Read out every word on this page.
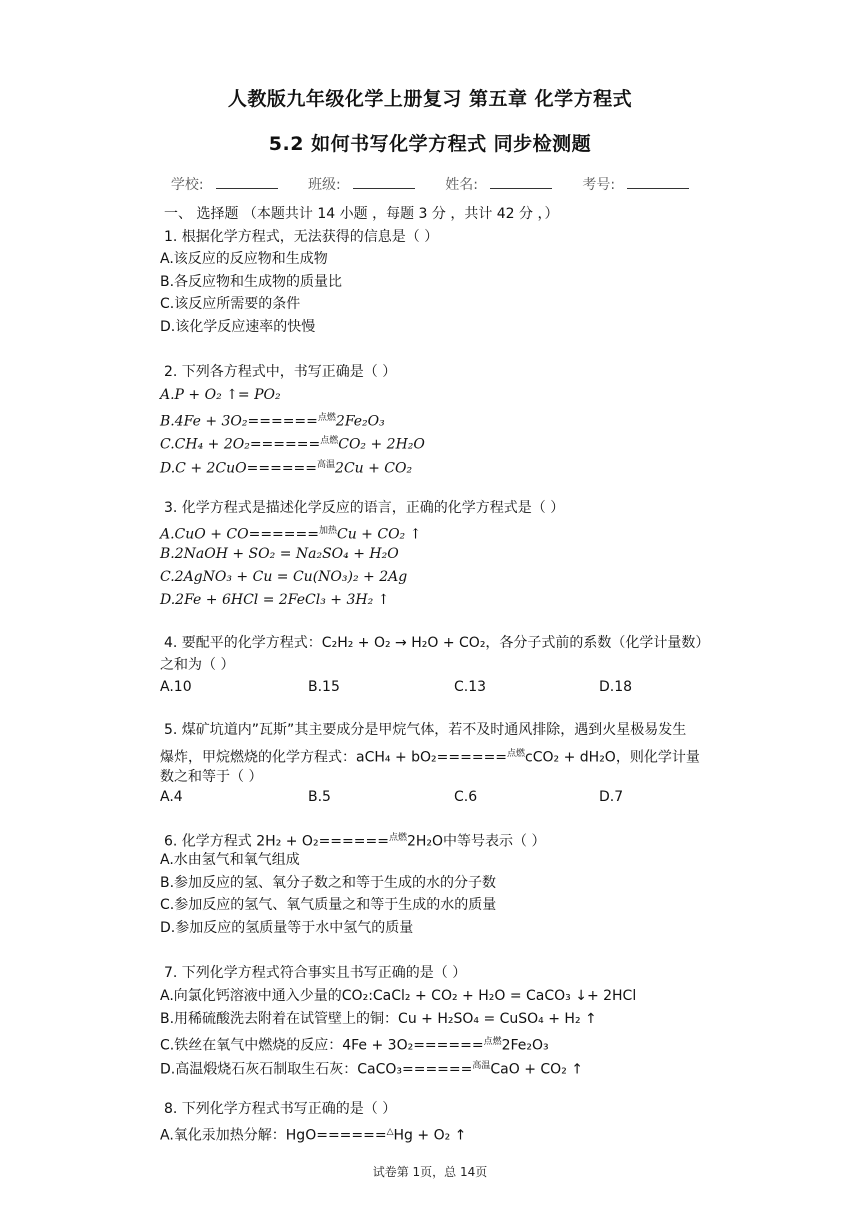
人教版九年级化学上册复习 第五章 化学方程式
5.2 如何书写化学方程式 同步检测题
学校:	班级:	姓名:	考号:
一、 选择题 （本题共计 14 小题 ，每题 3 分 ，共计 42 分 ，）
1. 根据化学方程式，无法获得的信息是（ ）
A.该反应的反应物和生成物
B.各反应物和生成物的质量比
C.该反应所需要的条件
D.该化学反应速率的快慢
2. 下列各方程式中，书写正确是（ ）
A.P + O₂ ↑= PO₂
B.4Fe + 3O₂======$^{点燃}$2Fe₂O₃
C.CH₄ + 2O₂======$^{点燃}$CO₂ + 2H₂O
D.C + 2CuO======$^{高温}$2Cu + CO₂
3. 化学方程式是描述化学反应的语言，正确的化学方程式是（ ）
A.CuO + CO======$^{加热}$Cu + CO₂ ↑
B.2NaOH + SO₂ = Na₂SO₄ + H₂O
C.2AgNO₃ + Cu = Cu(NO₃)₂ + 2Ag
D.2Fe + 6HCl = 2FeCl₃ + 3H₂ ↑
4. 要配平的化学方程式：C₂H₂ + O₂ → H₂O + CO₂，各分子式前的系数（化学计量数）
之和为（ ）
A.10	B.15	C.13	D.18
5. 煤矿坑道内”瓦斯”其主要成分是甲烷气体，若不及时通风排除，遇到火星极易发生
爆炸，甲烷燃烧的化学方程式：aCH₄ + bO₂======$^{点燃}$cCO₂ + dH₂O，则化学计量
数之和等于（ ）
A.4	B.5	C.6	D.7
6. 化学方程式 2H₂ + O₂======$^{点燃}$2H₂O中等号表示（ ）
A.水由氢气和氧气组成
B.参加反应的氢、氧分子数之和等于生成的水的分子数
C.参加反应的氢气、氧气质量之和等于生成的水的质量
D.参加反应的氢质量等于水中氢气的质量
7. 下列化学方程式符合事实且书写正确的是（ ）
A.向氯化钙溶液中通入少量的CO₂:CaCl₂ + CO₂ + H₂O = CaCO₃ ↓+ 2HCl
B.用稀硫酸洗去附着在试管壁上的铜：Cu + H₂SO₄ = CuSO₄ + H₂ ↑
C.铁丝在氧气中燃烧的反应：4Fe + 3O₂======$^{点燃}$2Fe₂O₃
D.高温煅烧石灰石制取生石灰：CaCO₃======$^{高温}$CaO + CO₂ ↑
8. 下列化学方程式书写正确的是（ ）
A.氧化汞加热分解：HgO======△Hg + O₂ ↑
试卷第 1页，总 14页
